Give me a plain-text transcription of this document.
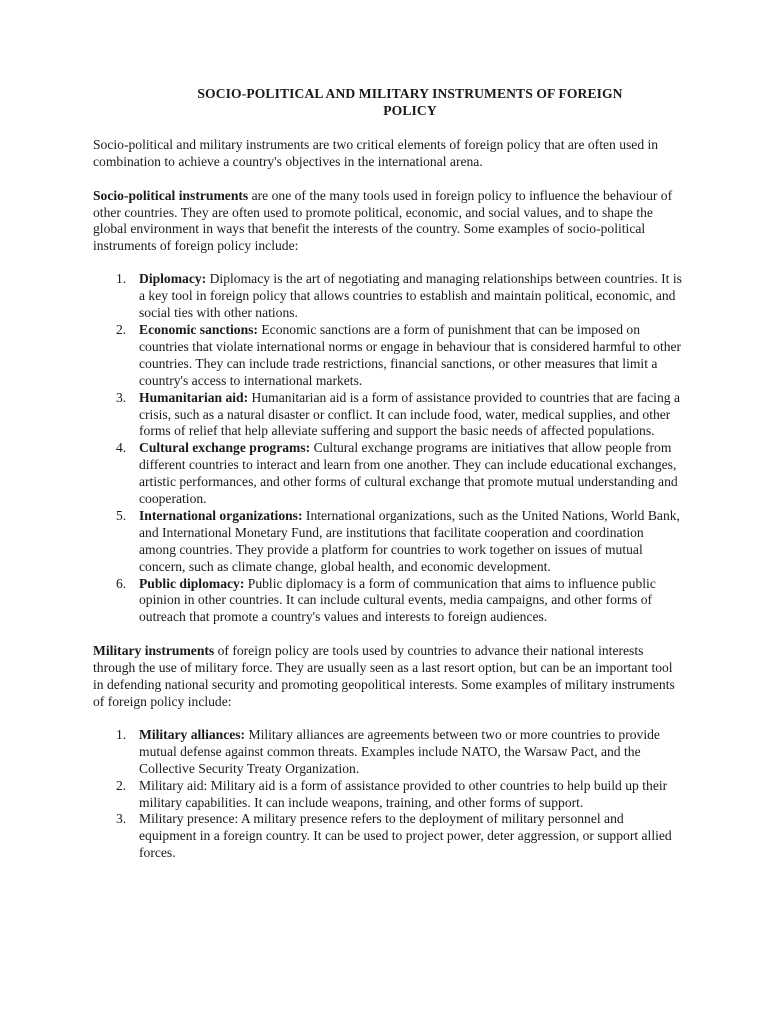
SOCIO-POLITICAL AND MILITARY INSTRUMENTS OF FOREIGN
POLICY

Socio-political and military instruments are two critical elements of foreign policy that are often used in combination to achieve a country's objectives in the international arena.

Socio-political instruments are one of the many tools used in foreign policy to influence the behaviour of other countries. They are often used to promote political, economic, and social values, and to shape the global environment in ways that benefit the interests of the country. Some examples of socio-political instruments of foreign policy include:

1. Diplomacy: Diplomacy is the art of negotiating and managing relationships between countries. It is a key tool in foreign policy that allows countries to establish and maintain political, economic, and social ties with other nations.
2. Economic sanctions: Economic sanctions are a form of punishment that can be imposed on countries that violate international norms or engage in behaviour that is considered harmful to other countries. They can include trade restrictions, financial sanctions, or other measures that limit a country's access to international markets.
3. Humanitarian aid: Humanitarian aid is a form of assistance provided to countries that are facing a crisis, such as a natural disaster or conflict. It can include food, water, medical supplies, and other forms of relief that help alleviate suffering and support the basic needs of affected populations.
4. Cultural exchange programs: Cultural exchange programs are initiatives that allow people from different countries to interact and learn from one another. They can include educational exchanges, artistic performances, and other forms of cultural exchange that promote mutual understanding and cooperation.
5. International organizations: International organizations, such as the United Nations, World Bank, and International Monetary Fund, are institutions that facilitate cooperation and coordination among countries. They provide a platform for countries to work together on issues of mutual concern, such as climate change, global health, and economic development.
6. Public diplomacy: Public diplomacy is a form of communication that aims to influence public opinion in other countries. It can include cultural events, media campaigns, and other forms of outreach that promote a country's values and interests to foreign audiences.

Military instruments of foreign policy are tools used by countries to advance their national interests through the use of military force. They are usually seen as a last resort option, but can be an important tool in defending national security and promoting geopolitical interests. Some examples of military instruments of foreign policy include:

1. Military alliances: Military alliances are agreements between two or more countries to provide mutual defense against common threats. Examples include NATO, the Warsaw Pact, and the Collective Security Treaty Organization.
2. Military aid: Military aid is a form of assistance provided to other countries to help build up their military capabilities. It can include weapons, training, and other forms of support.
3. Military presence: A military presence refers to the deployment of military personnel and equipment in a foreign country. It can be used to project power, deter aggression, or support allied forces.
